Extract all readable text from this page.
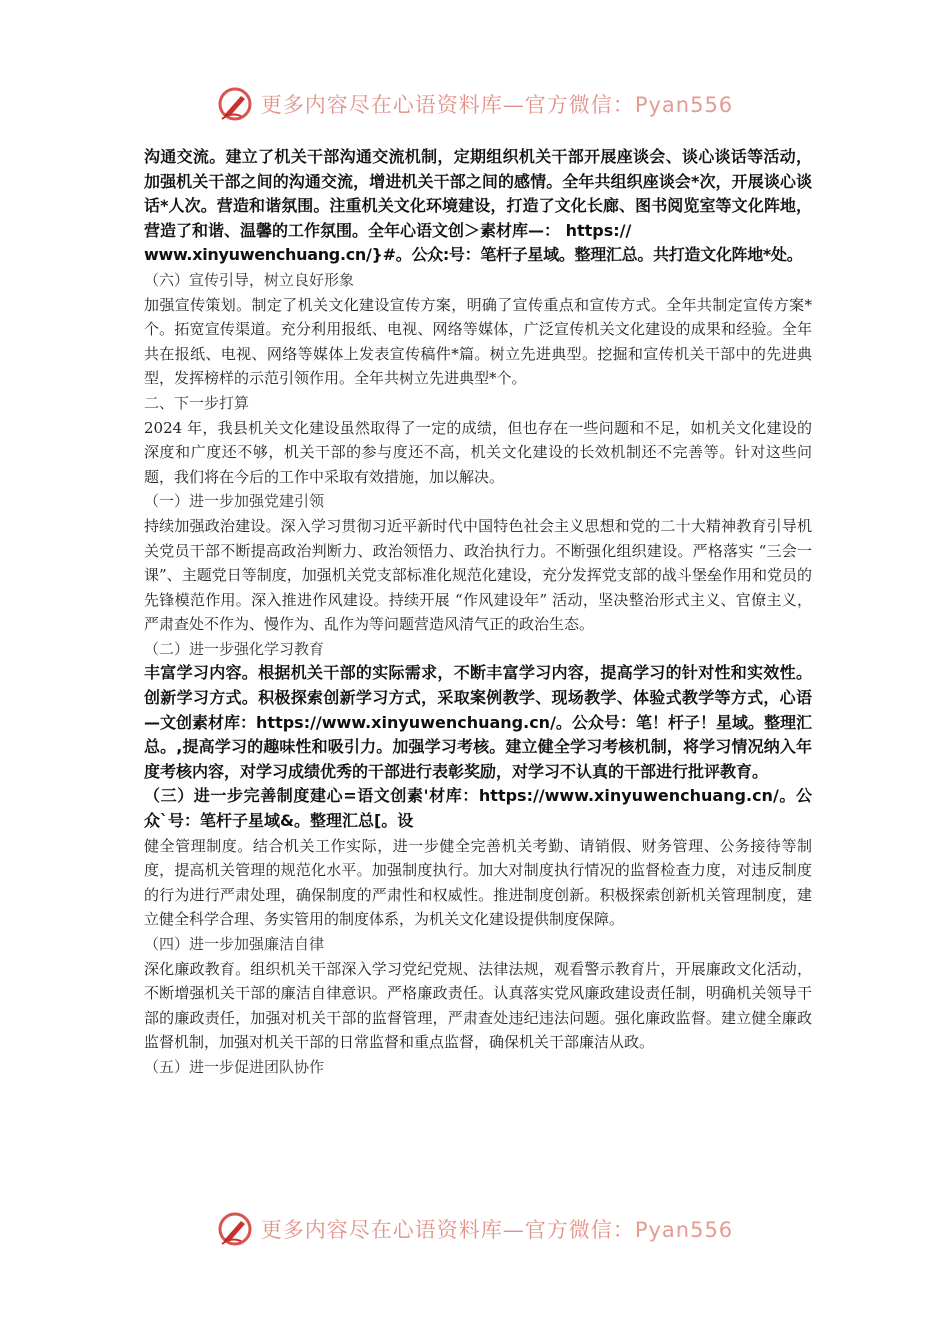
更多内容尽在心语资料库—官方微信：Pyan556

沟通交流。建立了机关干部沟通交流机制，定期组织机关干部开展座谈会、谈心谈话等活动，加强机关干部之间的沟通交流，增进机关干部之间的感情。全年共组织座谈会*次，开展谈心谈话*人次。营造和谐氛围。注重机关文化环境建设，打造了文化长廊、图书阅览室等文化阵地，营造了和谐、温馨的工作氛围。全年心语文创＞素材库—： https://

www.xinyuwenchuang.cn/}#。公众:号：笔杆子星域。整理汇总。共打造文化阵地*处。

（六）宣传引导，树立良好形象

加强宣传策划。制定了机关文化建设宣传方案，明确了宣传重点和宣传方式。全年共制定宣传方案*个。拓宽宣传渠道。充分利用报纸、电视、网络等媒体，广泛宣传机关文化建设的成果和经验。全年共在报纸、电视、网络等媒体上发表宣传稿件*篇。树立先进典型。挖掘和宣传机关干部中的先进典型，发挥榜样的示范引领作用。全年共树立先进典型*个。

二、下一步打算

2024 年，我县机关文化建设虽然取得了一定的成绩，但也存在一些问题和不足，如机关文化建设的深度和广度还不够，机关干部的参与度还不高，机关文化建设的长效机制还不完善等。针对这些问题，我们将在今后的工作中采取有效措施，加以解决。

（一）进一步加强党建引领

持续加强政治建设。深入学习贯彻习近平新时代中国特色社会主义思想和党的二十大精神教育引导机关党员干部不断提高政治判断力、政治领悟力、政治执行力。不断强化组织建设。严格落实 “三会一课”、主题党日等制度，加强机关党支部标准化规范化建设，充分发挥党支部的战斗堡垒作用和党员的先锋模范作用。深入推进作风建设。持续开展 “作风建设年” 活动，坚决整治形式主义、官僚主义，严肃查处不作为、慢作为、乱作为等问题营造风清气正的政治生态。

（二）进一步强化学习教育

丰富学习内容。根据机关干部的实际需求，不断丰富学习内容，提高学习的针对性和实效性。创新学习方式。积极探索创新学习方式，采取案例教学、现场教学、体验式教学等方式，心语—文创素材库：https://www.xinyuwenchuang.cn/。公众号：笔！杆子！星域。整理汇总。,提高学习的趣味性和吸引力。加强学习考核。建立健全学习考核机制，将学习情况纳入年度考核内容，对学习成绩优秀的干部进行表彰奖励，对学习不认真的干部进行批评教育。

（三）进一步完善制度建心=语文创素'材库：https://www.xinyuwenchuang.cn/。公众`号：笔杆子星域&。整理汇总[。设

健全管理制度。结合机关工作实际，进一步健全完善机关考勤、请销假、财务管理、公务接待等制度，提高机关管理的规范化水平。加强制度执行。加大对制度执行情况的监督检查力度，对违反制度的行为进行严肃处理，确保制度的严肃性和权威性。推进制度创新。积极探索创新机关管理制度，建立健全科学合理、务实管用的制度体系，为机关文化建设提供制度保障。

（四）进一步加强廉洁自律

深化廉政教育。组织机关干部深入学习党纪党规、法律法规，观看警示教育片，开展廉政文化活动，不断增强机关干部的廉洁自律意识。严格廉政责任。认真落实党风廉政建设责任制，明确机关领导干部的廉政责任，加强对机关干部的监督管理，严肃查处违纪违法问题。强化廉政监督。建立健全廉政监督机制，加强对机关干部的日常监督和重点监督，确保机关干部廉洁从政。

（五）进一步促进团队协作

更多内容尽在心语资料库—官方微信：Pyan556
